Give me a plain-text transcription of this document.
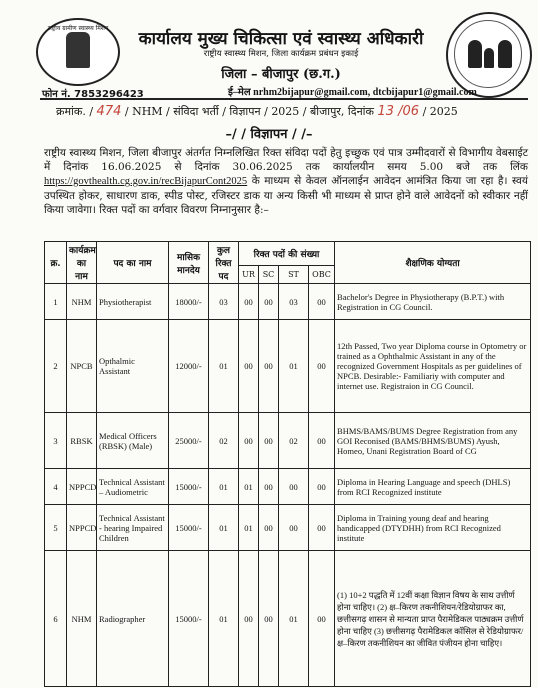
राष्ट्रीय ग्रामीण स्वास्थ्य मिशन
कार्यालय मुख्य चिकित्सा एवं स्वास्थ्य अधिकारी
राष्ट्रीय स्वास्थ्य मिशन, जिला कार्यक्रम प्रबंधन इकाई
जिला – बीजापुर (छ.ग.)
फोन नं. 7853296423	ई–मेल nrhm2bijapur@gmail.com, dtcbijapur1@gmail.com
क्रमांक. / 474 / NHM / संविदा भर्ती / विज्ञापन / 2025 / बीजापुर, दिनांक 13 /06 / 2025
–/ / विज्ञापन / /–
राष्ट्रीय स्वास्थ्य मिशन, जिला बीजापुर अंतर्गत निम्नलिखित रिक्त संविदा पदों हेतु इच्छुक एवं पात्र उम्मीदवारों से विभागीय वेबसाईट में दिनांक 16.06.2025 से दिनांक 30.06.2025 तक कार्यालयीन समय 5.00 बजे तक लिंक https://govthealth.cg.gov.in/recBijapurCont2025 के माध्यम से केवल ऑनलाईन आवेदन आमंत्रित किया जा रहा है। स्वयं उपस्थित होकर, साधारण डाक, स्पीड पोस्ट, रजिस्टर डाक या अन्य किसी भी माध्यम से प्राप्त होने वाले आवेदनों को स्वीकार नहीं किया जावेगा। रिक्त पदों का वर्गवार विवरण निम्नानुसार है:–
क्र.	कार्यक्रम का नाम	पद का नाम	मासिक मानदेय	कुल रिक्त पद	रिक्त पदों की संख्या				शैक्षणिक योग्यता
					UR	SC	ST	OBC	
1	NHM	Physiotherapist	18000/-	03	00	00	03	00	Bachelor's Degree in Physiotherapy (B.P.T.) with Registration in CG Council.
2	NPCB	Opthalmic Assistant	12000/-	01	00	00	01	00	12th Passed, Two year Diploma course in Optometry or trained as a Ophthalmic Assistant in any of the recognized Government Hospitals as per guidelines of NPCB. Desirable:- Familiariy with computer and internet use. Registraion in CG Council.
3	RBSK	Medical Officers (RBSK) (Male)	25000/-	02	00	00	02	00	BHMS/BAMS/BUMS Degree Registration from any GOI Reconised (BAMS/BHMS/BUMS) Ayush, Homeo, Unani Registration Board of CG
4	NPPCD	Technical Assistant – Audiometric	15000/-	01	01	00	00	00	Diploma in Hearing Language and speech (DHLS) from RCI Recognized institute
5	NPPCD	Technical Assistant - hearing Impaired Children	15000/-	01	01	00	00	00	Diploma in Training young deaf and hearing handicapped (DTYDHH) from RCI Recognized institute
6	NHM	Radiographer	15000/-	01	00	00	01	00	(1) 10+2 पद्धति में 12वीं कक्षा विज्ञान विषय के साथ उत्तीर्ण होना चाहिए। (2) क्ष–किरण तकनीशियन/रेडियोग्राफर का, छत्तीसगढ़ शासन से मान्यता प्राप्त पैरामेडिकल पाठ्यक्रम उत्तीर्ण होना चाहिए (3) छत्तीसगढ़ पैरामेडिकल कॉसिल से रेडियोग्राफर/क्ष–किरण तकनीशियन का जीवित पंजीयन होना चाहिए।
